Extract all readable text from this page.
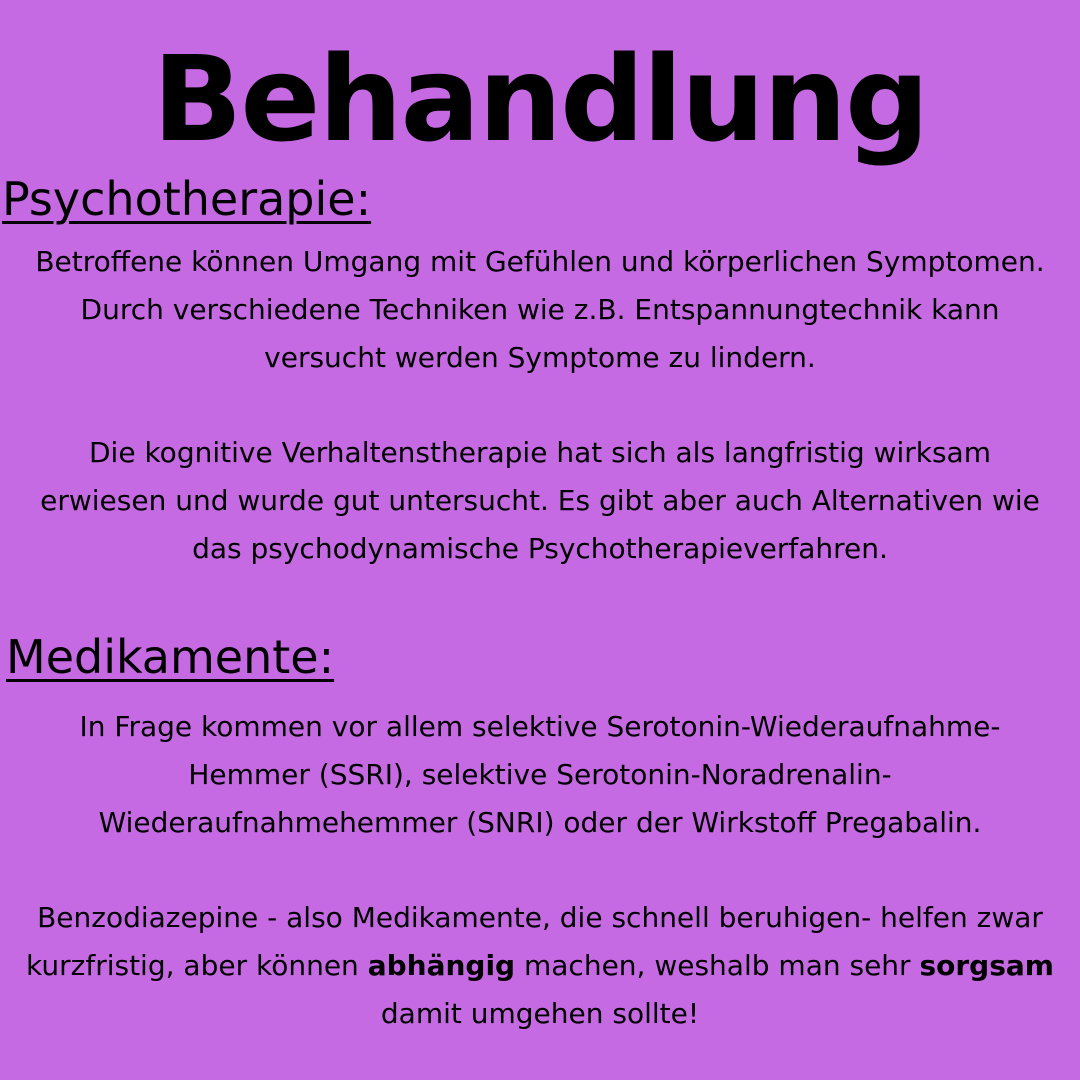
Behandlung
Psychotherapie:
Betroffene können Umgang mit Gefühlen und körperlichen Symptomen.
Durch verschiedene Techniken wie z.B. Entspannungtechnik kann
versucht werden Symptome zu lindern.
Die kognitive Verhaltenstherapie hat sich als langfristig wirksam
erwiesen und wurde gut untersucht. Es gibt aber auch Alternativen wie
das psychodynamische Psychotherapieverfahren.
Medikamente:
In Frage kommen vor allem selektive Serotonin-Wiederaufnahme-
Hemmer (SSRI), selektive Serotonin-Noradrenalin-
Wiederaufnahmehemmer (SNRI) oder der Wirkstoff Pregabalin.
Benzodiazepine - also Medikamente, die schnell beruhigen- helfen zwar
kurzfristig, aber können abhängig machen, weshalb man sehr sorgsam
damit umgehen sollte!
